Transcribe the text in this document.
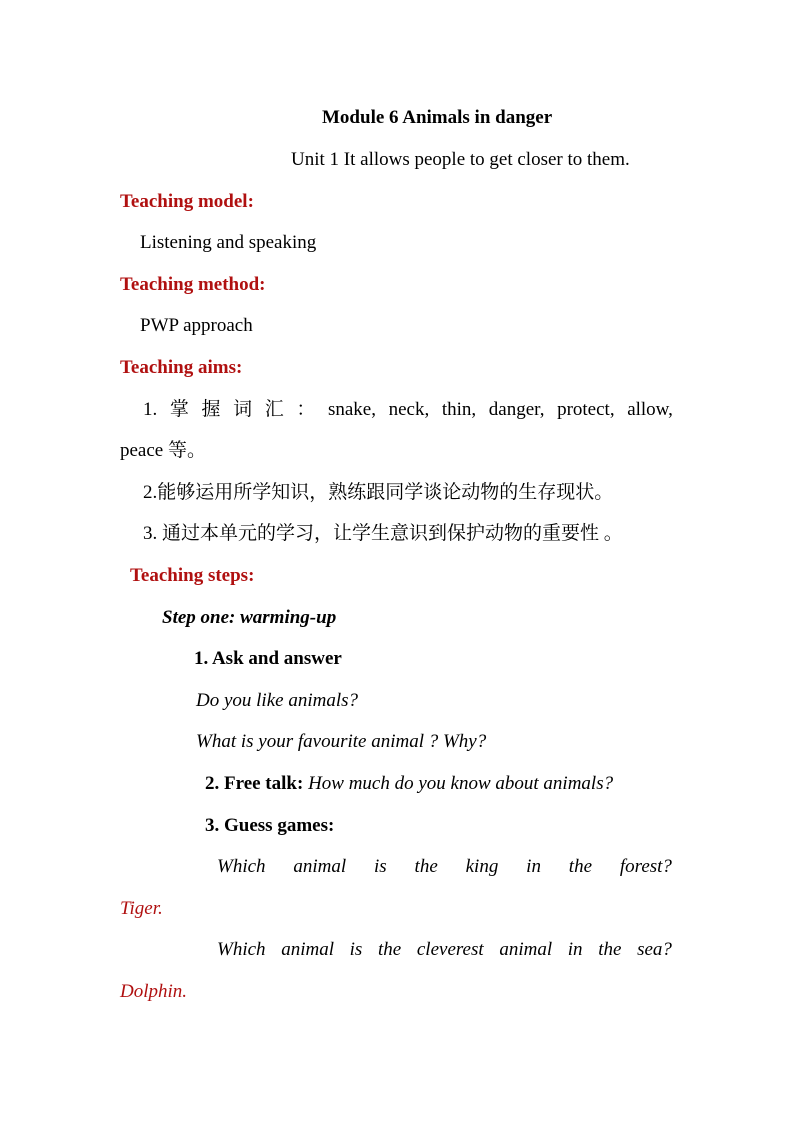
Module 6 Animals in danger
Unit 1 It allows people to get closer to them.
Teaching model:
Listening and speaking
Teaching method:
PWP approach
Teaching aims:
1. 掌 握 词 汇 ： snake, neck, thin, danger, protect, allow,
peace 等。
2.能够运用所学知识，熟练跟同学谈论动物的生存现状。
3. 通过本单元的学习，让学生意识到保护动物的重要性 。
Teaching steps:
Step one: warming-up
1. Ask and answer
Do you like animals?
What is your favourite animal ? Why?
2. Free talk: How much do you know about animals?
3. Guess games:
Which animal is the king in the forest?
Tiger.
Which animal is the cleverest animal in the sea?
Dolphin.
